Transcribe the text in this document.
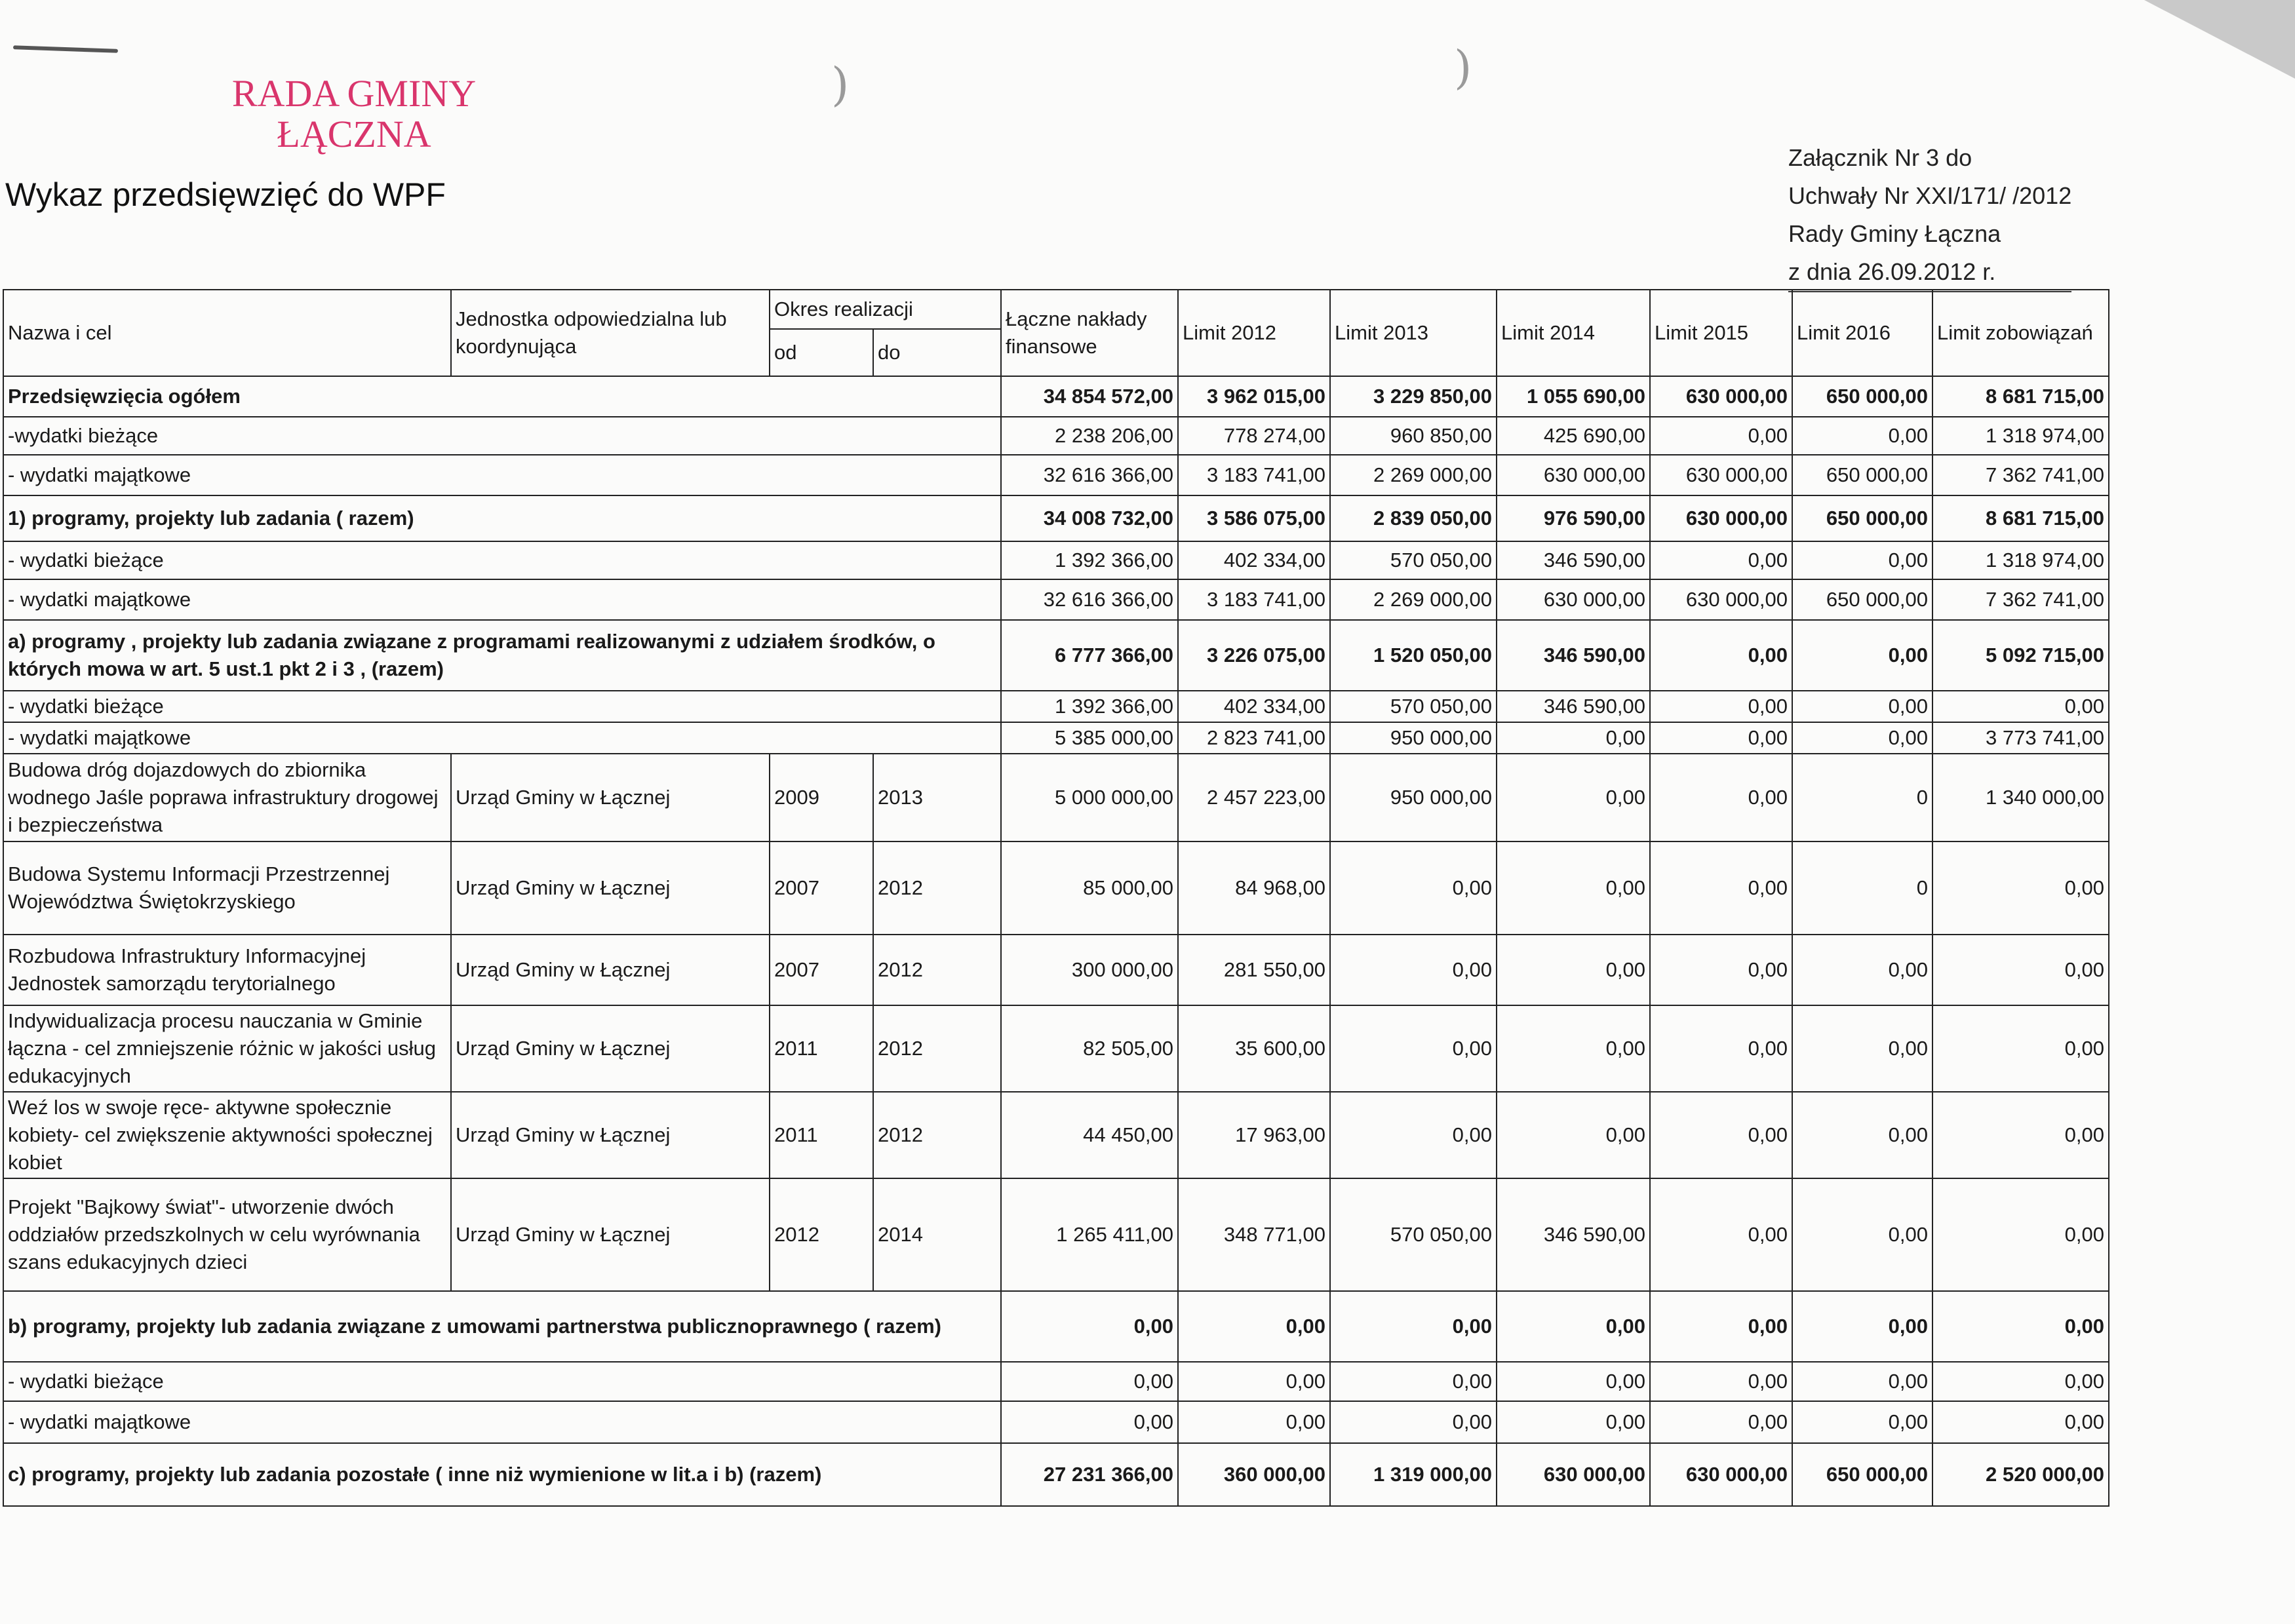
)	)
RADA GMINY
ŁĄCZNA
Wykaz przedsięwzięć do WPF
Załącznik Nr 3 do
Uchwały Nr XXI/171/ /2012
Rady Gminy Łączna
z dnia 26.09.2012 r.
Nazwa i cel	Jednostka odpowiedzialna lub koordynująca	Okres realizacji		Łączne nakłady finansowe	Limit 2012	Limit 2013	Limit 2014	Limit 2015	Limit 2016	Limit zobowiązań
		od	do							
Przedsięwzięcia ogółem				34 854 572,00	3 962 015,00	3 229 850,00	1 055 690,00	630 000,00	650 000,00	8 681 715,00
-wydatki bieżące				2 238 206,00	778 274,00	960 850,00	425 690,00	0,00	0,00	1 318 974,00
- wydatki majątkowe				32 616 366,00	3 183 741,00	2 269 000,00	630 000,00	630 000,00	650 000,00	7 362 741,00
1) programy, projekty lub zadania ( razem)				34 008 732,00	3 586 075,00	2 839 050,00	976 590,00	630 000,00	650 000,00	8 681 715,00
- wydatki bieżące				1 392 366,00	402 334,00	570 050,00	346 590,00	0,00	0,00	1 318 974,00
- wydatki majątkowe				32 616 366,00	3 183 741,00	2 269 000,00	630 000,00	630 000,00	650 000,00	7 362 741,00
a) programy , projekty lub zadania związane z programami realizowanymi z udziałem środków, o których mowa w art. 5 ust.1 pkt 2 i 3 , (razem)				6 777 366,00	3 226 075,00	1 520 050,00	346 590,00	0,00	0,00	5 092 715,00
- wydatki bieżące				1 392 366,00	402 334,00	570 050,00	346 590,00	0,00	0,00	0,00
- wydatki majątkowe				5 385 000,00	2 823 741,00	950 000,00	0,00	0,00	0,00	3 773 741,00
Budowa dróg dojazdowych do zbiornika wodnego Jaśle poprawa infrastruktury drogowej i bezpieczeństwa	Urząd Gminy w Łącznej	2009	2013	5 000 000,00	2 457 223,00	950 000,00	0,00	0,00	0	1 340 000,00
Budowa Systemu Informacji Przestrzennej Województwa Świętokrzyskiego	Urząd Gminy w Łącznej	2007	2012	85 000,00	84 968,00	0,00	0,00	0,00	0	0,00
Rozbudowa Infrastruktury Informacyjnej Jednostek samorządu terytorialnego	Urząd Gminy w Łącznej	2007	2012	300 000,00	281 550,00	0,00	0,00	0,00	0,00	0,00
Indywidualizacja procesu nauczania w Gminie łączna - cel zmniejszenie różnic w jakości usług edukacyjnych	Urząd Gminy w Łącznej	2011	2012	82 505,00	35 600,00	0,00	0,00	0,00	0,00	0,00
Weź los w swoje ręce- aktywne społecznie kobiety- cel zwiększenie aktywności społecznej kobiet	Urząd Gminy w Łącznej	2011	2012	44 450,00	17 963,00	0,00	0,00	0,00	0,00	0,00
Projekt "Bajkowy świat"- utworzenie dwóch oddziałów przedszkolnych w celu wyrównania szans edukacyjnych dzieci	Urząd Gminy w Łącznej	2012	2014	1 265 411,00	348 771,00	570 050,00	346 590,00	0,00	0,00	0,00
b) programy, projekty lub zadania związane z umowami partnerstwa publicznoprawnego ( razem)				0,00	0,00	0,00	0,00	0,00	0,00	0,00
- wydatki bieżące				0,00	0,00	0,00	0,00	0,00	0,00	0,00
- wydatki majątkowe				0,00	0,00	0,00	0,00	0,00	0,00	0,00
c) programy, projekty lub zadania pozostałe ( inne niż wymienione w lit.a i b) (razem)				27 231 366,00	360 000,00	1 319 000,00	630 000,00	630 000,00	650 000,00	2 520 000,00
